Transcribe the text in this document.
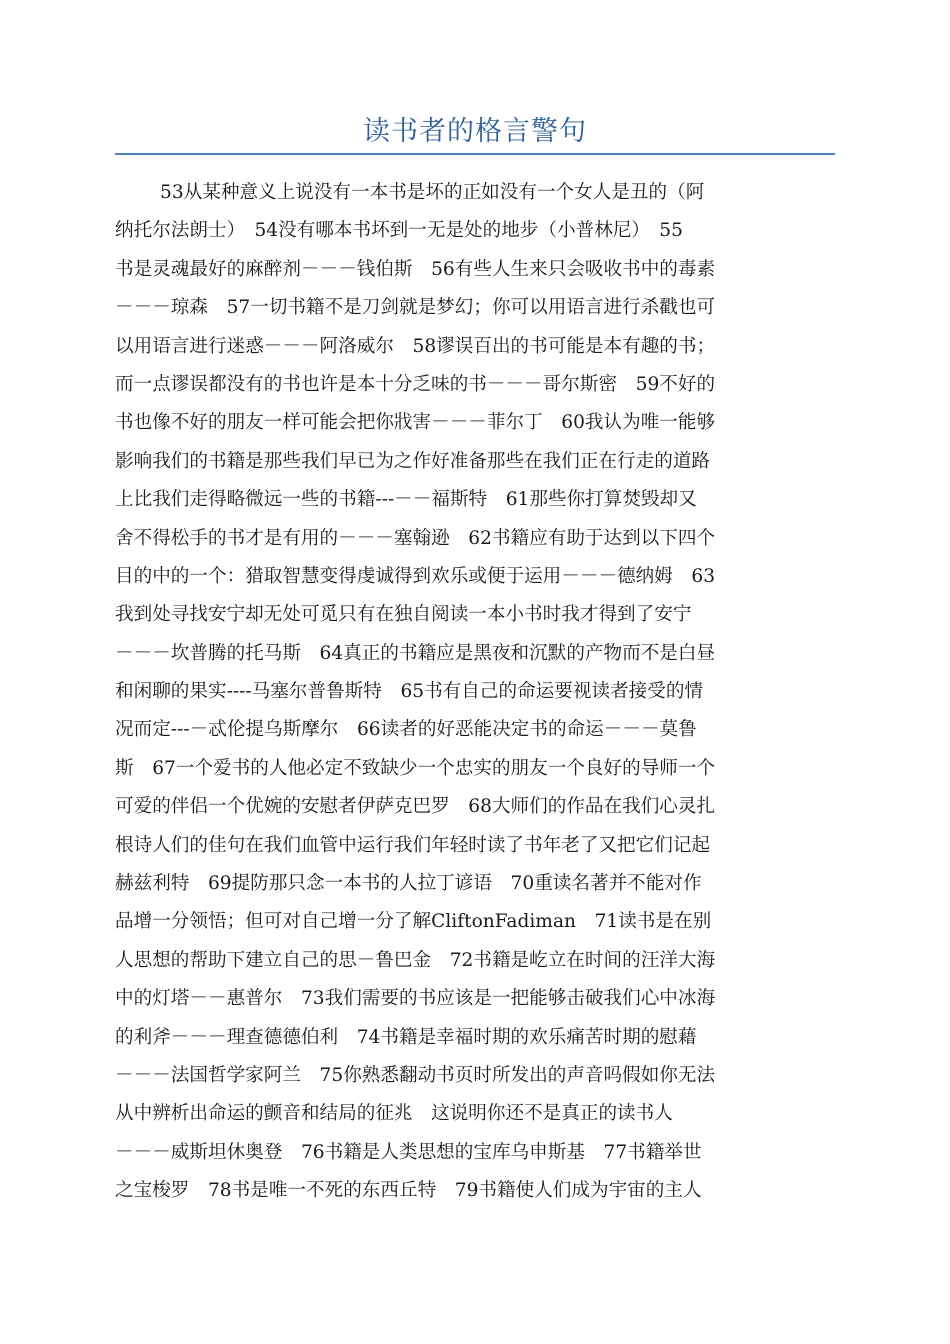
读书者的格言警句
53从某种意义上说没有一本书是坏的正如没有一个女人是丑的（阿
纳托尔法朗士）　54没有哪本书坏到一无是处的地步（小普林尼）　55
书是灵魂最好的麻醉剂－－－钱伯斯　56有些人生来只会吸收书中的毒素
－－－琼森　57一切书籍不是刀剑就是梦幻；你可以用语言进行杀戳也可
以用语言进行迷惑－－－阿洛威尔　58谬误百出的书可能是本有趣的书；
而一点谬误都没有的书也许是本十分乏味的书－－－哥尔斯密　59不好的
书也像不好的朋友一样可能会把你戕害－－－菲尔丁　60我认为唯一能够
影响我们的书籍是那些我们早已为之作好准备那些在我们正在行走的道路
上比我们走得略微远一些的书籍---－－福斯特　61那些你打算焚毁却又
舍不得松手的书才是有用的－－－塞翰逊　62书籍应有助于达到以下四个
目的中的一个：猎取智慧变得虔诚得到欢乐或便于运用－－－德纳姆　63
我到处寻找安宁却无处可觅只有在独自阅读一本小书时我才得到了安宁
－－－坎普腾的托马斯　64真正的书籍应是黑夜和沉默的产物而不是白昼
和闲聊的果实----马塞尔普鲁斯特　65书有自己的命运要视读者接受的情
况而定---－忒伦提乌斯摩尔　66读者的好恶能决定书的命运－－－莫鲁
斯　67一个爱书的人他必定不致缺少一个忠实的朋友一个良好的导师一个
可爱的伴侣一个优婉的安慰者伊萨克巴罗　68大师们的作品在我们心灵扎
根诗人们的佳句在我们血管中运行我们年轻时读了书年老了又把它们记起
赫兹利特　69提防那只念一本书的人拉丁谚语　70重读名著并不能对作
品增一分领悟；但可对自己增一分了解CliftonFadiman　71读书是在别
人思想的帮助下建立自己的思－鲁巴金　72书籍是屹立在时间的汪洋大海
中的灯塔－－惠普尔　73我们需要的书应该是一把能够击破我们心中冰海
的利斧－－－理查德德伯利　74书籍是幸福时期的欢乐痛苦时期的慰藉
－－－法国哲学家阿兰　75你熟悉翻动书页时所发出的声音吗假如你无法
从中辨析出命运的颤音和结局的征兆　这说明你还不是真正的读书人
－－－威斯坦休奥登　76书籍是人类思想的宝库乌申斯基　77书籍举世
之宝梭罗　78书是唯一不死的东西丘特　79书籍使人们成为宇宙的主人
